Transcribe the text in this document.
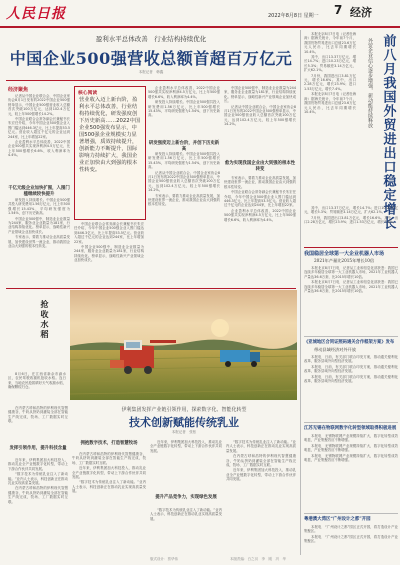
人民日报	2022年8月8日 星期一 7 经济
盈利水平总体改善　行业结构持续优化
中国企业500强营收总额首超百万亿元
本报记者　韩鑫
经济聚焦

记者从中国企业联合会、中国企业家协会8月1日发布的2022中国企业500强榜单显示，中国企业500强营业收入总额首次突破100万亿元，达到102.4万亿元，较上年500强增长14.2%。

中国企业联合会常务副会长兼秘书长朱宏任介绍，今年中国企业500强企业入围门槛达到446.3亿元，比上年提高53.5亿元。营业收入超过千亿元的企业达到244家，比上年增加22家。

企业盈利水平总体改善，2022中国企业500强共实现净利润4.5万亿元，比上年500强增长6.6%，收入利润率为4.4%。

千亿元级企业加快扩围，入围门槛继续较快提升

研发投入持续增长。中国企业500强共投入研发费用1.56万亿元，比上年500强增长15.43%，平均研发强度为1.54%，创下历史新高。

中国企业500强中，制造业企业数量为244家，服务业企业数量为181家，行业结构持续优化。榜单显示，战略性新兴产业领域企业加快成长。

专家表示，要着力推动企业高质量发展，加快建设世界一流企业，推动我国企业由大到强的根本性转变。

核心阅读
营业收入迈上新台阶，盈利水平总体改善，行业结构持续优化，研发强度创下历史新高……2022中国企业500强发布显示，中国500强企业规模实力显著增强，质效持续提升，创新能力不断提升，国际影响力持续扩大，我国企业正加快由大到强的根本性转变。

中国企业联合会常务副会长兼秘书长朱宏任介绍，今年中国企业500强企业入围门槛达到446.3亿元，比上年提高53.5亿元。营业收入超过千亿元的企业达到244家，比上年增加22家。

中国企业500强中，制造业企业数量为244家，服务业企业数量为181家，行业结构持续优化。榜单显示，战略性新兴产业领域企业加快成长。

企业盈利水平总体改善，2022中国企业500强共实现净利润4.5万亿元，比上年500强增长6.6%，收入利润率为4.4%。

研发投入持续增长。中国企业500强共投入研发费用1.56万亿元，比上年500强增长15.43%，平均研发强度为1.54%，创下历史新高。

研发强度迈上新台阶，并创下历史新高

研发投入持续增长。中国企业500强共投入研发费用1.56万亿元，比上年500强增长15.43%，平均研发强度为1.54%，创下历史新高。

记者从中国企业联合会、中国企业家协会8月1日发布的2022中国企业500强榜单显示，中国企业500强营业收入总额首次突破100万亿元，达到102.4万亿元，较上年500强增长14.2%。

专家表示，要着力推动企业高质量发展，加快建设世界一流企业，推动我国企业由大到强的根本性转变。

中国企业500强中，制造业企业数量为244家，服务业企业数量为181家，行业结构持续优化。榜单显示，战略性新兴产业领域企业加快成长。

记者从中国企业联合会、中国企业家协会8月1日发布的2022中国企业500强榜单显示，中国企业500强营业收入总额首次突破100万亿元，达到102.4万亿元，较上年500强增长14.2%。

愈为实现我国企业由大到强的根本性转变

专家表示，要着力推动企业高质量发展，加快建设世界一流企业，推动我国企业由大到强的根本性转变。

中国企业联合会常务副会长兼秘书长朱宏任介绍，今年中国企业500强企业入围门槛达到446.3亿元，比上年提高53.5亿元。营业收入超过千亿元的企业达到244家，比上年增加22家。

企业盈利水平总体改善，2022中国企业500强共实现净利润4.5万亿元，比上年500强增长6.6%，收入利润率为4.4%。

本报北京8月7日电（记者杜海涛）据海关统计，今年前7个月，我国货物贸易进出口总值23.6万亿元人民币，比去年同期增长10.4%。

其中，出口13.37万亿元，增长14.7%；进口10.23万亿元，增长5.3%；贸易顺差3.14万亿元，扩大62.1%。

7月份，我国进出口3.81万亿元，增长16.6%。其中，出口2.28万亿元，增长23.9%；进口1.53万亿元，增长7.4%。

本报北京8月7日电（记者杜海涛）据海关统计，今年前7个月，我国货物贸易进出口总值23.6万亿元人民币，比去年同期增长10.4%。	前八月我国外贸进出口稳定增长
外贸企业信心逐步增强，新动能持续释放

其中，出口13.37万亿元，增长14.7%；进口10.23万亿元，增长5.3%；贸易顺差3.14万亿元，扩大62.1%。

7月份，我国进出口3.81万亿元，增长16.6%。其中，出口2.28万亿元，增长23.9%；进口1.53万亿元，增长7.4%。

我国稳居全球第一大企业机器人市场
2021年产量比2015年增长10倍

本报北京8月7日电　记者从工业和信息化部获悉：我国已连续多年稳居全球第一大工业机器人市场，2021年工业机器人产量达36.6万套，比2015年增长10倍。

本报北京8月7日电　记者从工业和信息化部获悉：我国已连续多年稳居全球第一大工业机器人市场，2021年工业机器人产量达36.6万套，比2015年增长10倍。

《亚城地区合同证照码通关合作框架方案》发布
带动县域经济对外开放

本报电　日前，有关部门联合印发方案，推动通关便利化改革，服务县域外向型经济发展。

本报电　日前，有关部门联合印发方案，推动通关便利化改革，服务县域外向型经济发展。

本报电　日前，有关部门联合印发方案，推动通关便利化改革，服务县域外向型经济发展。

江苏无锡在物联网数字化转型领域取得积极进展

本报电　无锡物联网产业规模持续扩大，数字化转型成效明显，产业集聚效应不断增强。

本报电　无锡物联网产业规模持续扩大，数字化转型成效明显，产业集聚效应不断增强。

本报电　无锡物联网产业规模持续扩大，数字化转型成效明显，产业集聚效应不断增强。

粤港澳大湾区“广州设计之都”开园

本报电　“广州设计之都”园区正式开园，将打造设计产业集聚区。

本报电　“广州设计之都”园区正式开园，将打造设计产业集聚区。

抢收水稻

8月6日，在江西省新余市渝水区，农民驾驶收割机抢收水稻。连日来，当地农民抢抓晴好天气收割水稻，确保颗粒归仓。

在内蒙古呼和浩特的伊利现代智慧健康谷，牛奶从挤奶到灌装全部在智能生产线完成，牧场、工厂数据实时互联。

发挥引领作用，提升科技含量

近年来，伊利集团加大科技投入，推动乳业全产业链数字化转型，带动上下游合作伙伴共同发展。

“数字技术为传统乳业注入了新动能。”业内人士表示，科技创新正在推动乳业实现高质量发展。

在内蒙古呼和浩特的伊利现代智慧健康谷，牛奶从挤奶到灌装全部在智能生产线完成，牧场、工厂数据实时互联。

伊利集团发挥产业链引领作用，探索数字化、智能化转型
技术创新赋能传统乳业
本报记者　张枨
拥抱数字技术，打造智慧牧场

在内蒙古呼和浩特的伊利现代智慧健康谷，牛奶从挤奶到灌装全部在智能生产线完成，牧场、工厂数据实时互联。

近年来，伊利集团加大科技投入，推动乳业全产业链数字化转型，带动上下游合作伙伴共同发展。

“数字技术为传统乳业注入了新动能。”业内人士表示，科技创新正在推动乳业实现高质量发展。

近年来，伊利集团加大科技投入，推动乳业全产业链数字化转型，带动上下游合作伙伴共同发展。

提升产品竞争力，实现绿色发展

“数字技术为传统乳业注入了新动能。”业内人士表示，科技创新正在推动乳业实现高质量发展。

“数字技术为传统乳业注入了新动能。”业内人士表示，科技创新正在推动乳业实现高质量发展。

在内蒙古呼和浩特的伊利现代智慧健康谷，牛奶从挤奶到灌装全部在智能生产线完成，牧场、工厂数据实时互联。

近年来，伊利集团加大科技投入，推动乳业全产业链数字化转型，带动上下游合作伙伴共同发展。

版式设计：蔡华伟	本版责编：白之羽　李　刚　冯　华
